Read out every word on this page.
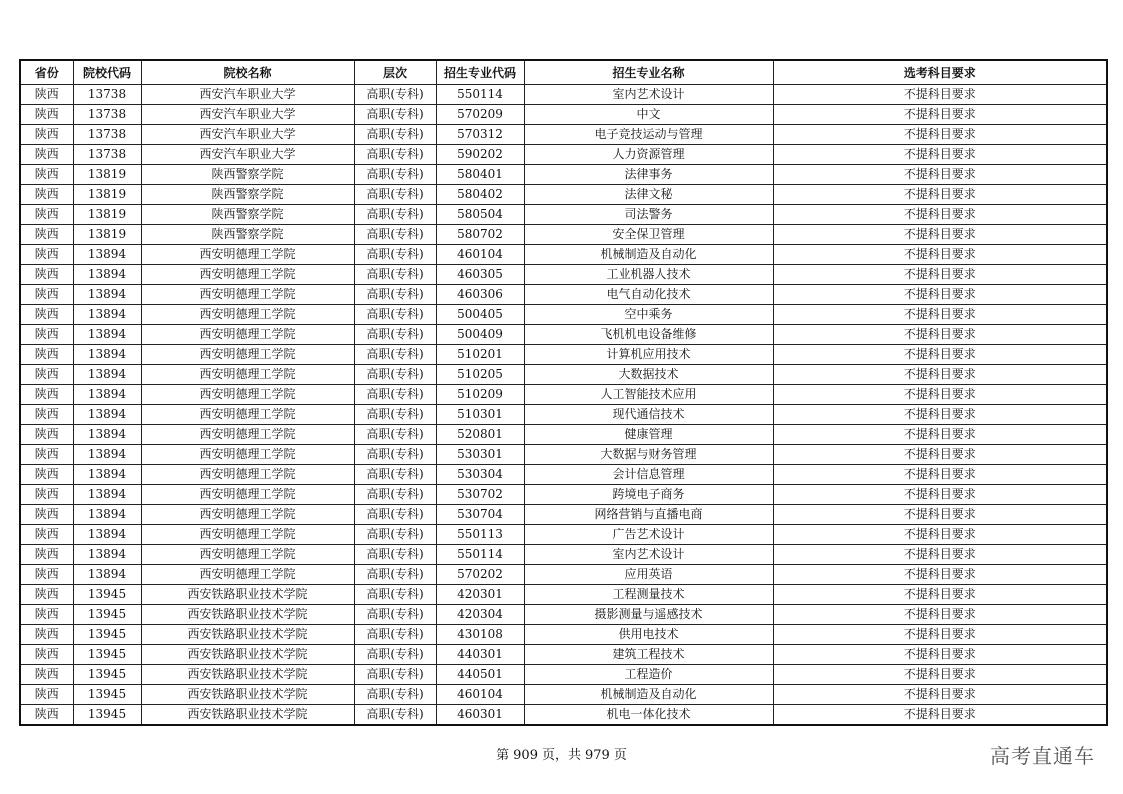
省份	院校代码	院校名称	层次	招生专业代码	招生专业名称	选考科目要求
陕西	13738	西安汽车职业大学	高职(专科)	550114	室内艺术设计	不提科目要求
陕西	13738	西安汽车职业大学	高职(专科)	570209	中文	不提科目要求
陕西	13738	西安汽车职业大学	高职(专科)	570312	电子竞技运动与管理	不提科目要求
陕西	13738	西安汽车职业大学	高职(专科)	590202	人力资源管理	不提科目要求
陕西	13819	陕西警察学院	高职(专科)	580401	法律事务	不提科目要求
陕西	13819	陕西警察学院	高职(专科)	580402	法律文秘	不提科目要求
陕西	13819	陕西警察学院	高职(专科)	580504	司法警务	不提科目要求
陕西	13819	陕西警察学院	高职(专科)	580702	安全保卫管理	不提科目要求
陕西	13894	西安明德理工学院	高职(专科)	460104	机械制造及自动化	不提科目要求
陕西	13894	西安明德理工学院	高职(专科)	460305	工业机器人技术	不提科目要求
陕西	13894	西安明德理工学院	高职(专科)	460306	电气自动化技术	不提科目要求
陕西	13894	西安明德理工学院	高职(专科)	500405	空中乘务	不提科目要求
陕西	13894	西安明德理工学院	高职(专科)	500409	飞机机电设备维修	不提科目要求
陕西	13894	西安明德理工学院	高职(专科)	510201	计算机应用技术	不提科目要求
陕西	13894	西安明德理工学院	高职(专科)	510205	大数据技术	不提科目要求
陕西	13894	西安明德理工学院	高职(专科)	510209	人工智能技术应用	不提科目要求
陕西	13894	西安明德理工学院	高职(专科)	510301	现代通信技术	不提科目要求
陕西	13894	西安明德理工学院	高职(专科)	520801	健康管理	不提科目要求
陕西	13894	西安明德理工学院	高职(专科)	530301	大数据与财务管理	不提科目要求
陕西	13894	西安明德理工学院	高职(专科)	530304	会计信息管理	不提科目要求
陕西	13894	西安明德理工学院	高职(专科)	530702	跨境电子商务	不提科目要求
陕西	13894	西安明德理工学院	高职(专科)	530704	网络营销与直播电商	不提科目要求
陕西	13894	西安明德理工学院	高职(专科)	550113	广告艺术设计	不提科目要求
陕西	13894	西安明德理工学院	高职(专科)	550114	室内艺术设计	不提科目要求
陕西	13894	西安明德理工学院	高职(专科)	570202	应用英语	不提科目要求
陕西	13945	西安铁路职业技术学院	高职(专科)	420301	工程测量技术	不提科目要求
陕西	13945	西安铁路职业技术学院	高职(专科)	420304	摄影测量与遥感技术	不提科目要求
陕西	13945	西安铁路职业技术学院	高职(专科)	430108	供用电技术	不提科目要求
陕西	13945	西安铁路职业技术学院	高职(专科)	440301	建筑工程技术	不提科目要求
陕西	13945	西安铁路职业技术学院	高职(专科)	440501	工程造价	不提科目要求
陕西	13945	西安铁路职业技术学院	高职(专科)	460104	机械制造及自动化	不提科目要求
陕西	13945	西安铁路职业技术学院	高职(专科)	460301	机电一体化技术	不提科目要求
第 909 页，共 979 页	高考直通车
